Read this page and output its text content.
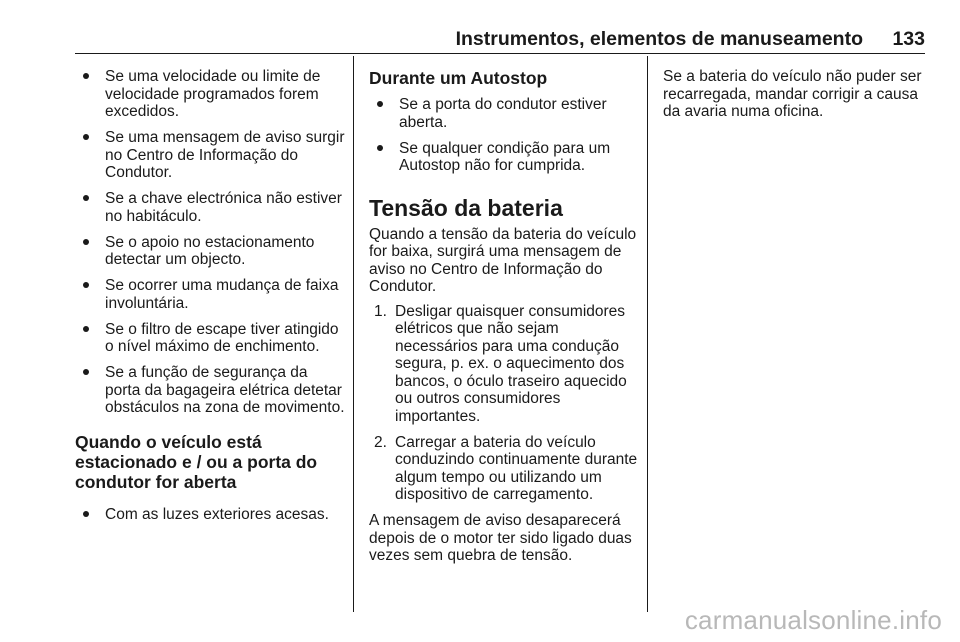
Instrumentos, elementos de manuseamento 133
Se uma velocidade ou limite de velocidade programados forem excedidos.
Se uma mensagem de aviso surgir no Centro de Informação do Condutor.
Se a chave electrónica não estiver no habitáculo.
Se o apoio no estacionamento detectar um objecto.
Se ocorrer uma mudança de faixa involuntária.
Se o filtro de escape tiver atingido o nível máximo de enchimento.
Se a função de segurança da porta da bagageira elétrica detetar obstáculos na zona de movimento.
Quando o veículo está estacionado e / ou a porta do condutor for aberta
Com as luzes exteriores acesas.
Durante um Autostop
Se a porta do condutor estiver aberta.
Se qualquer condição para um Autostop não for cumprida.
Tensão da bateria

Quando a tensão da bateria do veículo for baixa, surgirá uma mensagem de aviso no Centro de Informação do Condutor.

1. Desligar quaisquer consumidores elétricos que não sejam necessários para uma condução segura, p. ex. o aquecimento dos bancos, o óculo traseiro aquecido ou outros consumidores importantes.
2. Carregar a bateria do veículo conduzindo continuamente durante algum tempo ou utilizando um dispositivo de carregamento.

A mensagem de aviso desaparecerá depois de o motor ter sido ligado duas vezes sem quebra de tensão.

Se a bateria do veículo não puder ser recarregada, mandar corrigir a causa da avaria numa oficina.

carmanualsonline.info
